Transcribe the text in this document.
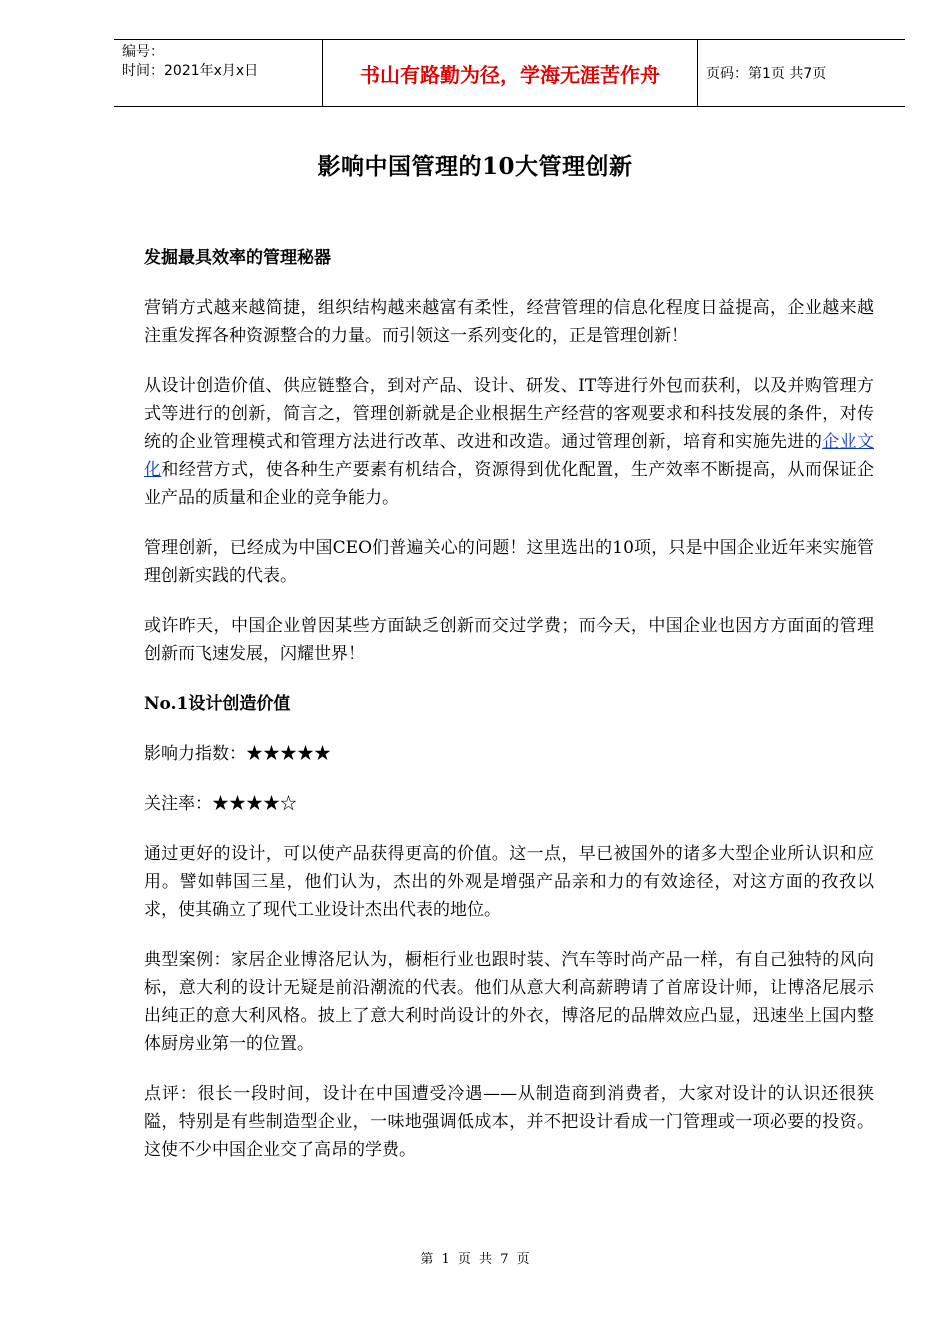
编号：
时间：2021年x月x日	书山有路勤为径，学海无涯苦作舟	页码：第1页 共7页
影响中国管理的10大管理创新

发掘最具效率的管理秘器

营销方式越来越简捷，组织结构越来越富有柔性，经营管理的信息化程度日益提高，企业越来越注重发挥各种资源整合的力量。而引领这一系列变化的，正是管理创新！

从设计创造价值、供应链整合，到对产品、设计、研发、IT等进行外包而获利，以及并购管理方式等进行的创新，简言之，管理创新就是企业根据生产经营的客观要求和科技发展的条件，对传统的企业管理模式和管理方法进行改革、改进和改造。通过管理创新，培育和实施先进的企业文化和经营方式，使各种生产要素有机结合，资源得到优化配置，生产效率不断提高，从而保证企业产品的质量和企业的竞争能力。

管理创新，已经成为中国CEO们普遍关心的问题！这里选出的10项，只是中国企业近年来实施管理创新实践的代表。

或许昨天，中国企业曾因某些方面缺乏创新而交过学费；而今天，中国企业也因方方面面的管理创新而飞速发展，闪耀世界！

No.1设计创造价值

影响力指数：★★★★★

关注率：★★★★☆

通过更好的设计，可以使产品获得更高的价值。这一点，早已被国外的诸多大型企业所认识和应用。譬如韩国三星，他们认为，杰出的外观是增强产品亲和力的有效途径，对这方面的孜孜以求，使其确立了现代工业设计杰出代表的地位。

典型案例：家居企业博洛尼认为，橱柜行业也跟时装、汽车等时尚产品一样，有自己独特的风向标，意大利的设计无疑是前沿潮流的代表。他们从意大利高薪聘请了首席设计师，让博洛尼展示出纯正的意大利风格。披上了意大利时尚设计的外衣，博洛尼的品牌效应凸显，迅速坐上国内整体厨房业第一的位置。

点评：很长一段时间，设计在中国遭受冷遇——从制造商到消费者，大家对设计的认识还很狭隘，特别是有些制造型企业，一味地强调低成本，并不把设计看成一门管理或一项必要的投资。这使不少中国企业交了高昂的学费。

第 1 页 共 7 页
